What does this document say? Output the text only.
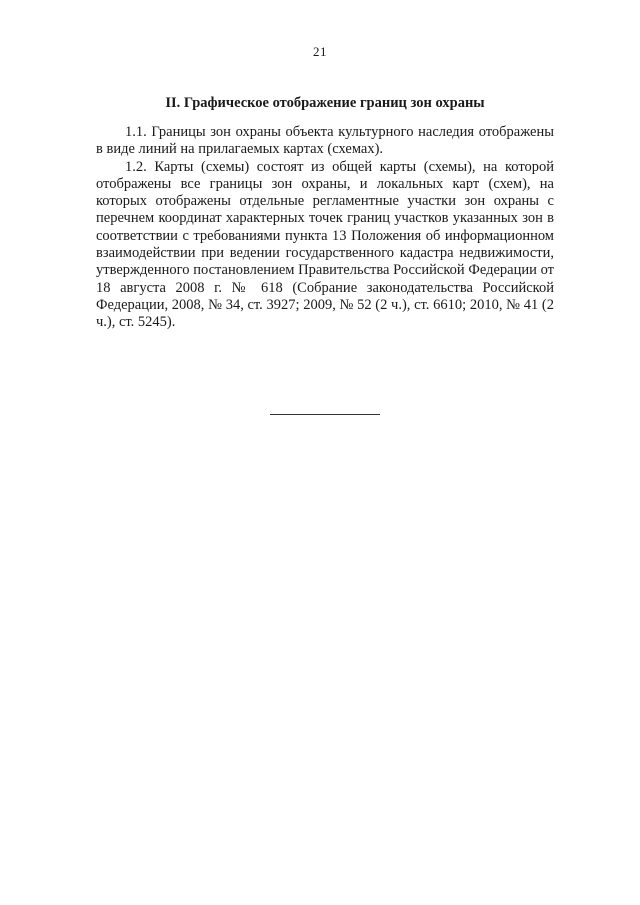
21
II. Графическое отображение границ зон охраны

1.1. Границы зон охраны объекта культурного наследия отображены в виде линий на прилагаемых картах (схемах).

1.2. Карты (схемы) состоят из общей карты (схемы), на которой отображены все границы зон охраны, и локальных карт (схем), на которых отображены отдельные регламентные участки зон охраны с перечнем координат характерных точек границ участков указанных зон в соответствии с требованиями пункта 13 Положения об информационном взаимодействии при ведении государственного кадастра недвижимости, утвержденного постановлением Правительства Российской Федерации от 18 августа 2008 г. № 618 (Собрание законодательства Российской Федерации, 2008, № 34, ст. 3927; 2009, № 52 (2 ч.), ст. 6610; 2010, № 41 (2 ч.), ст. 5245).
